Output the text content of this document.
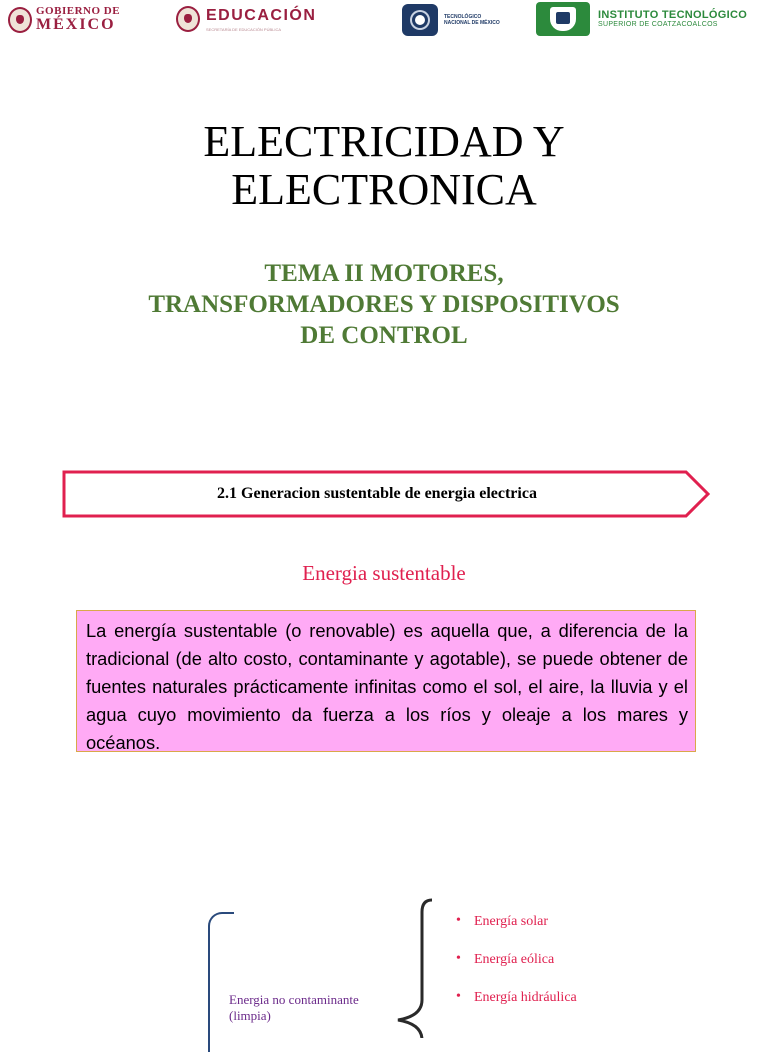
GOBIERNO DE
MÉXICO
EDUCACIÓN
SECRETARÍA DE EDUCACIÓN PÚBLICA
TECNOLÓGICO
NACIONAL DE MÉXICO
INSTITUTO TECNOLÓGICO
SUPERIOR DE COATZACOALCOS
ELECTRICIDAD Y
ELECTRONICA
TEMA II MOTORES,
TRANSFORMADORES Y DISPOSITIVOS
DE CONTROL
2.1 Generacion sustentable de energia electrica
Energia sustentable
La energía sustentable (o renovable) es aquella que, a diferencia de la tradicional (de alto costo, contaminante y agotable), se puede obtener de fuentes naturales prácticamente infinitas como el sol, el aire, la lluvia y el agua cuyo movimiento da fuerza a los ríos y oleaje a los mares y océanos.
Energia no contaminante (limpia)
• Energía solar
• Energía eólica
• Energía hidráulica
